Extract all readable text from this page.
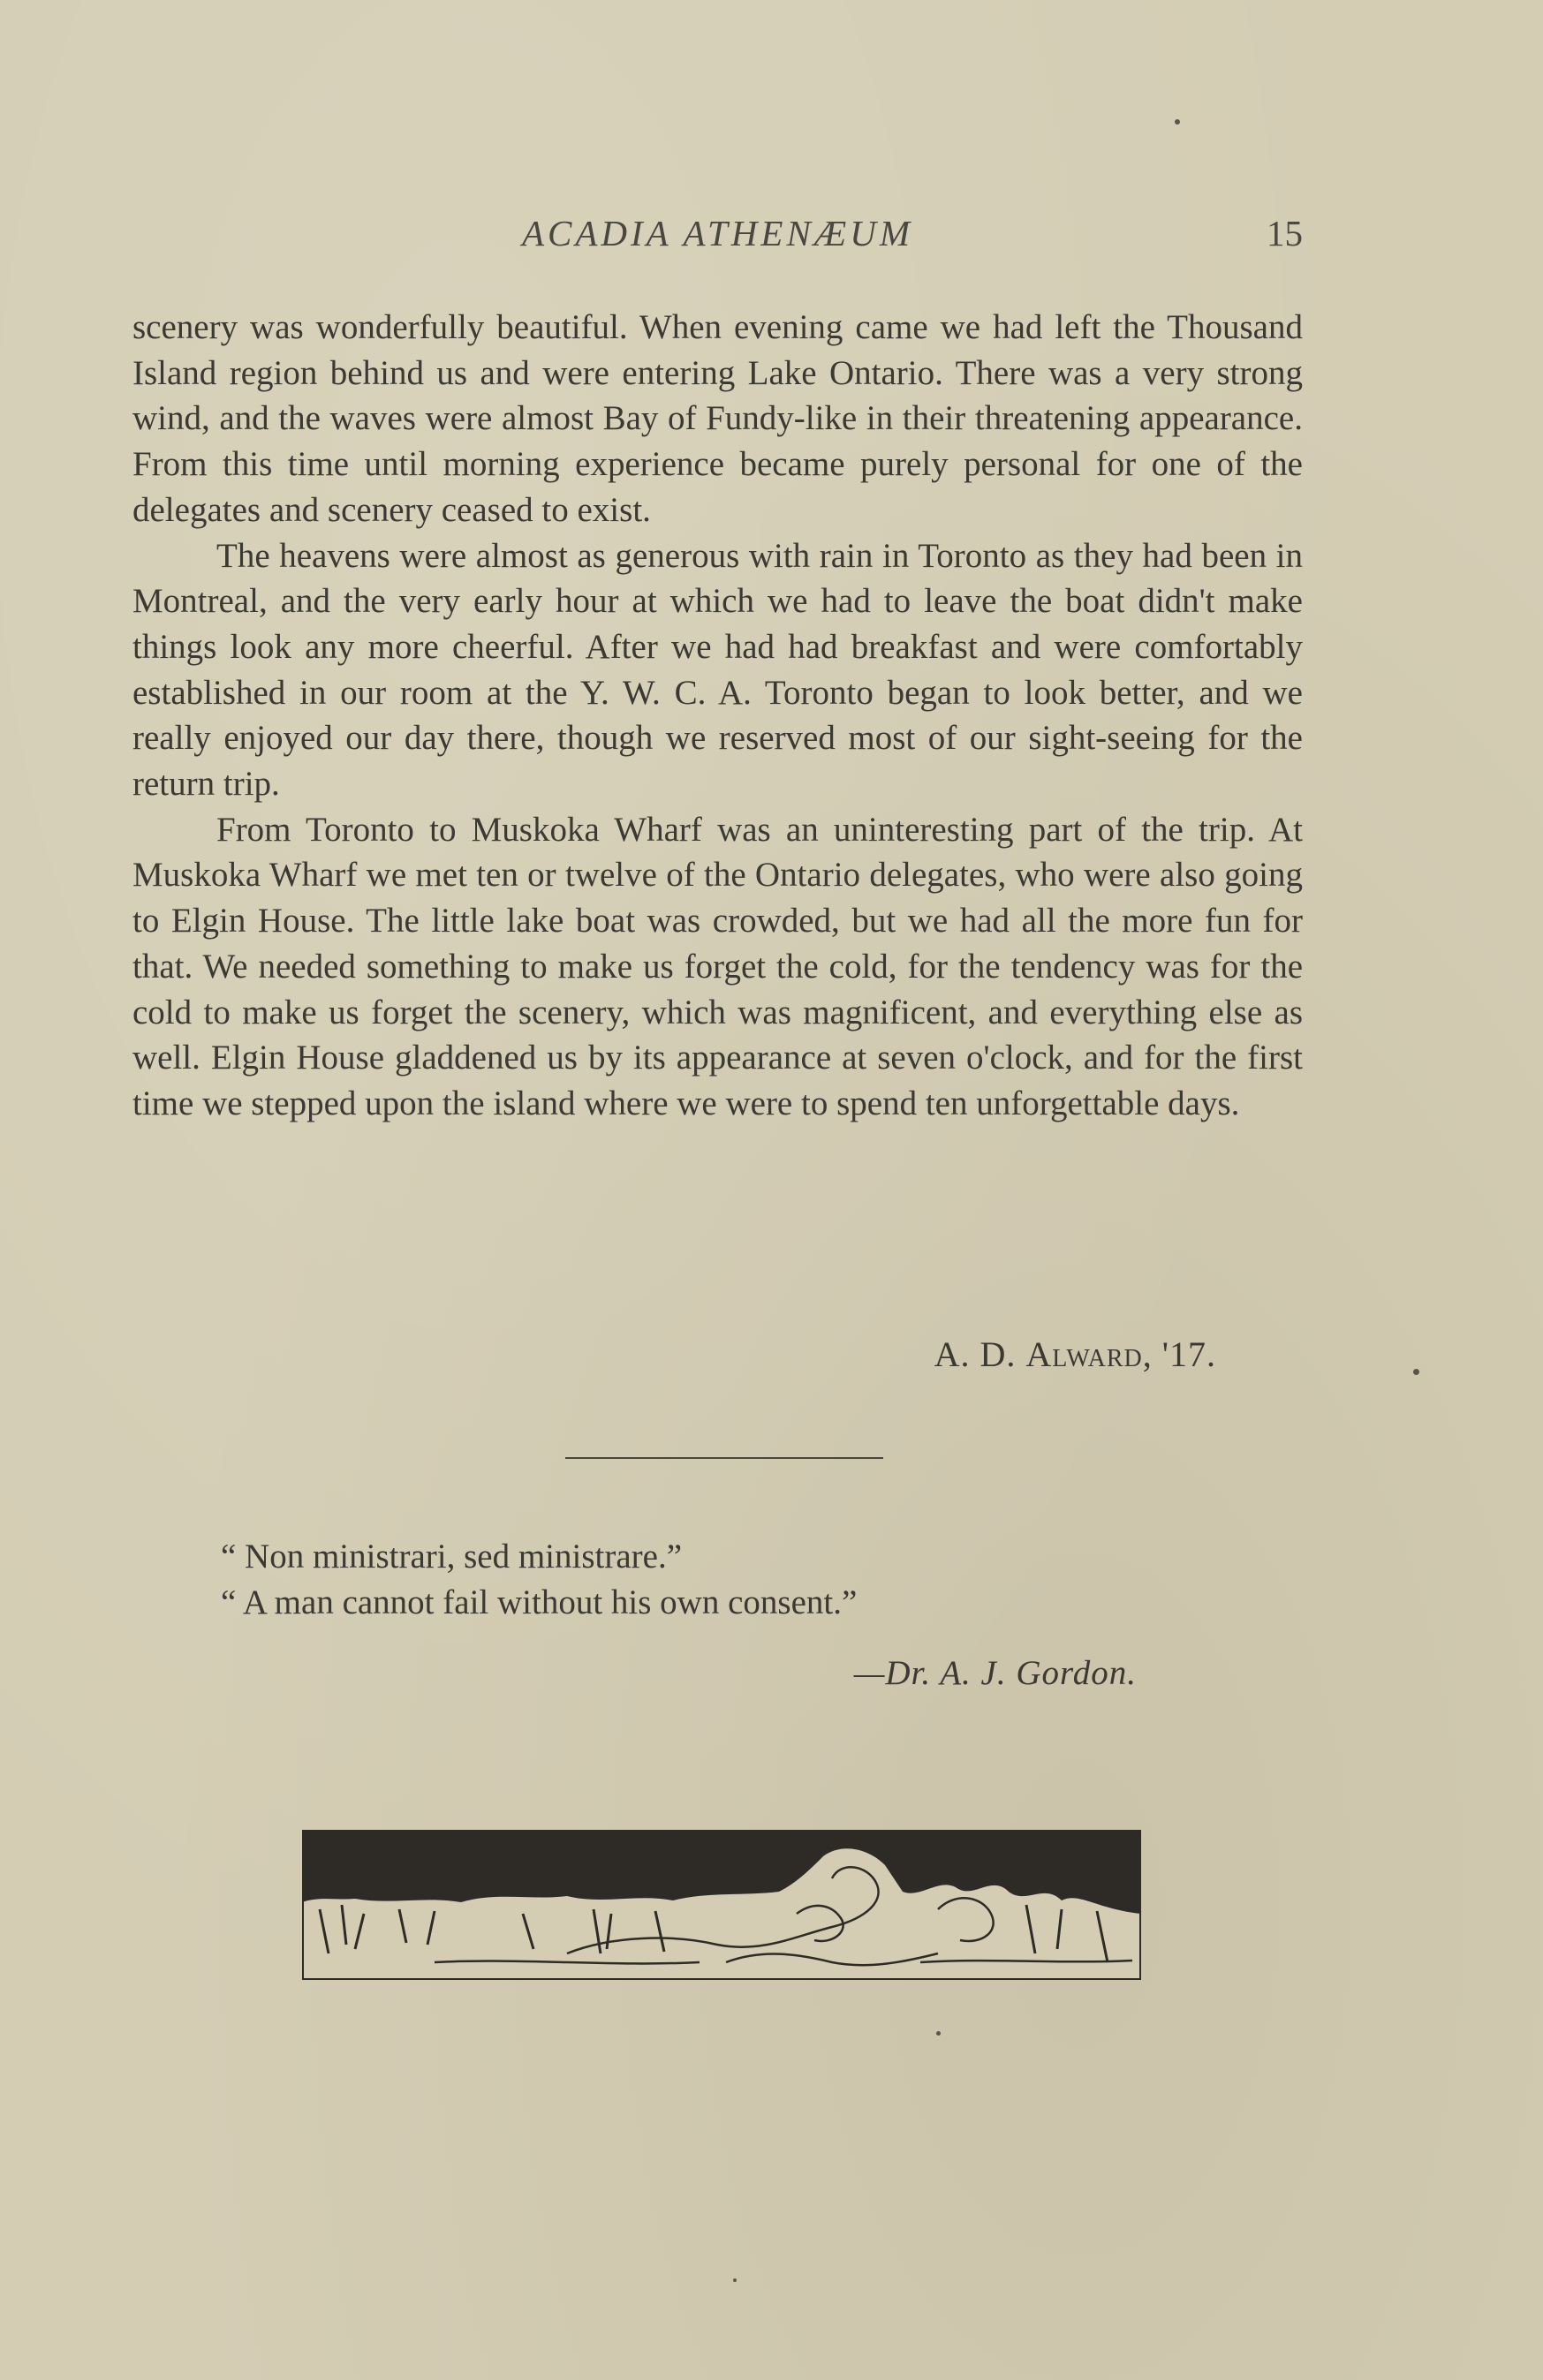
ACADIA ATHENÆUM	15

scenery was wonderfully beautiful. When evening came we had left the Thousand Island region behind us and were entering Lake Ontario. There was a very strong wind, and the waves were almost Bay of Fundy-like in their threatening appearance. From this time until morning experience became purely personal for one of the delegates and scenery ceased to exist.

The heavens were almost as generous with rain in Toronto as they had been in Montreal, and the very early hour at which we had to leave the boat didn't make things look any more cheerful. After we had had breakfast and were comfortably established in our room at the Y. W. C. A. Toronto began to look better, and we really enjoyed our day there, though we reserved most of our sight-seeing for the return trip.

From Toronto to Muskoka Wharf was an uninteresting part of the trip. At Muskoka Wharf we met ten or twelve of the Ontario delegates, who were also going to Elgin House. The little lake boat was crowded, but we had all the more fun for that. We needed something to make us forget the cold, for the tendency was for the cold to make us forget the scenery, which was magnificent, and everything else as well. Elgin House gladdened us by its appearance at seven o'clock, and for the first time we stepped upon the island where we were to spend ten unforgettable days.

A. D. Alward, '17.
“ Non ministrari, sed ministrare.”
“ A man cannot fail without his own consent.”
—Dr. A. J. Gordon.
